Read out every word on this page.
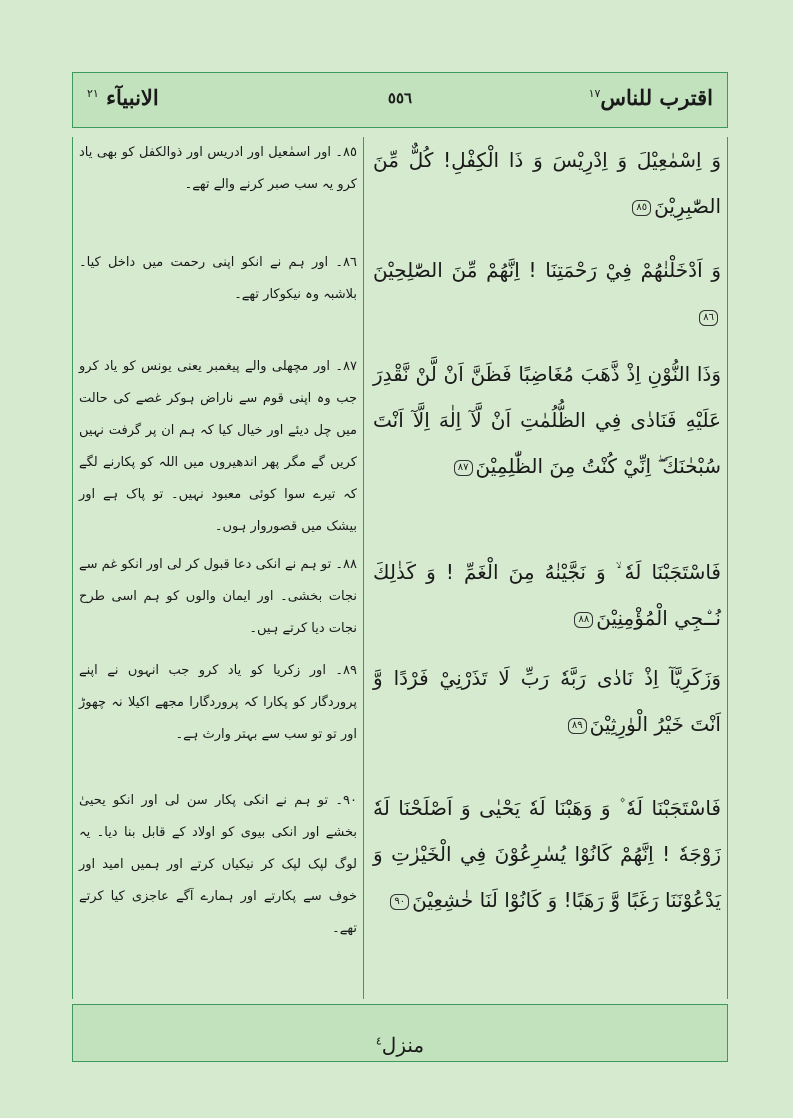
اقترب للناس$^{١٧}$
٥٥٦
الانبيآء $^{٢١}$
وَ اِسْمٰعِيْلَ وَ اِدْرِيْسَ وَ ذَا الْكِفْلِ! كُلٌّ مِّنَ الصّٰبِرِيْنَ٨٥
٨٥۔ اور اسمٰعیل اور ادریس اور ذوالکفل کو بھی یاد کرو یہ سب صبر کرنے والے تھے۔
وَ اَدْخَلْنٰهُمْ فِيْ رَحْمَتِنَا ! اِنَّهُمْ مِّنَ الصّٰلِحِيْنَ٨٦
٨٦۔ اور ہم نے انکو اپنی رحمت میں داخل کیا۔ بلاشبہ وہ نیکوکار تھے۔
وَذَا النُّوْنِ اِذْ ذَّهَبَ مُغَاضِبًا فَظَنَّ اَنْ لَّنْ نَّقْدِرَ عَلَيْهِ فَنَادٰى فِي الظُّلُمٰتِ اَنْ لَّآ اِلٰهَ اِلَّآ اَنْتَ سُبْحٰنَكَ ۖ اِنِّيْ كُنْتُ مِنَ الظّٰلِمِيْنَ٨٧
٨٧۔ اور مچھلی والے پیغمبر یعنی یونس کو یاد کرو جب وہ اپنی قوم سے ناراض ہوکر غصے کی حالت میں چل دیئے اور خیال کیا کہ ہم ان پر گرفت نہیں کریں گے مگر پھر اندھیروں میں اللہ کو پکارنے لگے کہ تیرے سوا کوئی معبود نہیں۔ تو پاک ہے اور بیشک میں قصوروار ہوں۔
فَاسْتَجَبْنَا لَهٗ ۙ وَ نَجَّيْنٰهُ مِنَ الْغَمِّ ! وَ كَذٰلِكَ نُـۨجِي الْمُؤْمِنِيْنَ٨٨
٨٨۔ تو ہم نے انکی دعا قبول کر لی اور انکو غم سے نجات بخشی۔ اور ایمان والوں کو ہم اسی طرح نجات دیا کرتے ہیں۔
وَزَكَرِيَّآ اِذْ نَادٰى رَبَّهٗ رَبِّ لَا تَذَرْنِيْ فَرْدًا وَّ اَنْتَ خَيْرُ الْوٰرِثِيْنَ٨٩
٨٩۔ اور زکریا کو یاد کرو جب انہوں نے اپنے پروردگار کو پکارا کہ پروردگارا مجھے اکیلا نہ چھوڑ اور تو تو سب سے بہتر وارث ہے۔
فَاسْتَجَبْنَا لَهٗ ۫ وَ وَهَبْنَا لَهٗ يَحْيٰى وَ اَصْلَحْنَا لَهٗ زَوْجَهٗ ! اِنَّهُمْ كَانُوْا يُسٰرِعُوْنَ فِي الْخَيْرٰتِ وَ يَدْعُوْنَنَا رَغَبًا وَّ رَهَبًا! وَ كَانُوْا لَنَا خٰشِعِيْنَ٩٠
٩٠۔ تو ہم نے انکی پکار سن لی اور انکو یحییٰ بخشے اور انکی بیوی کو اولاد کے قابل بنا دیا۔ یہ لوگ لپک لپک کر نیکیاں کرتے اور ہمیں امید اور خوف سے پکارتے اور ہمارے آگے عاجزی کیا کرتے تھے۔
منزل$^٤$
